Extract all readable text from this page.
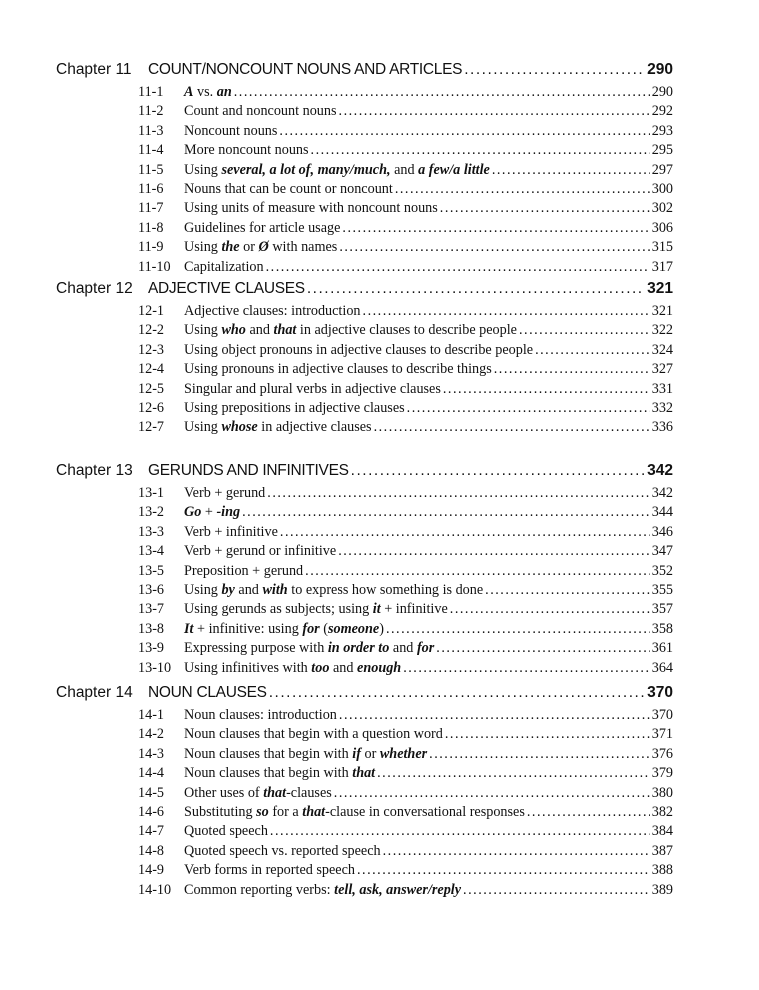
Chapter 11 COUNT/NONCOUNT NOUNS AND ARTICLES .....	290
11-1	A vs. an .....	290
11-2	Count and noncount nouns .....	292
11-3	Noncount nouns .....	293
11-4	More noncount nouns .....	295
11-5	Using several, a lot of, many/much, and a few/a little .....	297
11-6	Nouns that can be count or noncount .....	300
11-7	Using units of measure with noncount nouns .....	302
11-8	Guidelines for article usage .....	306
11-9	Using the or Ø with names .....	315
11-10 Capitalization .....	317
Chapter 12 ADJECTIVE CLAUSES .....	321
12-1	Adjective clauses: introduction .....	321
12-2	Using who and that in adjective clauses to describe people .....	322
12-3	Using object pronouns in adjective clauses to describe people .....	324
12-4	Using pronouns in adjective clauses to describe things .....	327
12-5	Singular and plural verbs in adjective clauses .....	331
12-6	Using prepositions in adjective clauses .....	332
12-7	Using whose in adjective clauses .....	336
Chapter 13 GERUNDS AND INFINITIVES .....	342
13-1	Verb + gerund .....	342
13-2	Go + -ing .....	344
13-3	Verb + infinitive .....	346
13-4	Verb + gerund or infinitive .....	347
13-5	Preposition + gerund .....	352
13-6	Using by and with to express how something is done .....	355
13-7	Using gerunds as subjects; using it + infinitive .....	357
13-8	It + infinitive: using for (someone) .....	358
13-9	Expressing purpose with in order to and for .....	361
13-10 Using infinitives with too and enough .....	364
Chapter 14 NOUN CLAUSES .....	370
14-1	Noun clauses: introduction .....	370
14-2	Noun clauses that begin with a question word .....	371
14-3	Noun clauses that begin with if or whether .....	376
14-4	Noun clauses that begin with that .....	379
14-5	Other uses of that-clauses .....	380
14-6	Substituting so for a that-clause in conversational responses .....	382
14-7	Quoted speech .....	384
14-8	Quoted speech vs. reported speech .....	387
14-9	Verb forms in reported speech .....	388
14-10 Common reporting verbs: tell, ask, answer/reply .....	389
